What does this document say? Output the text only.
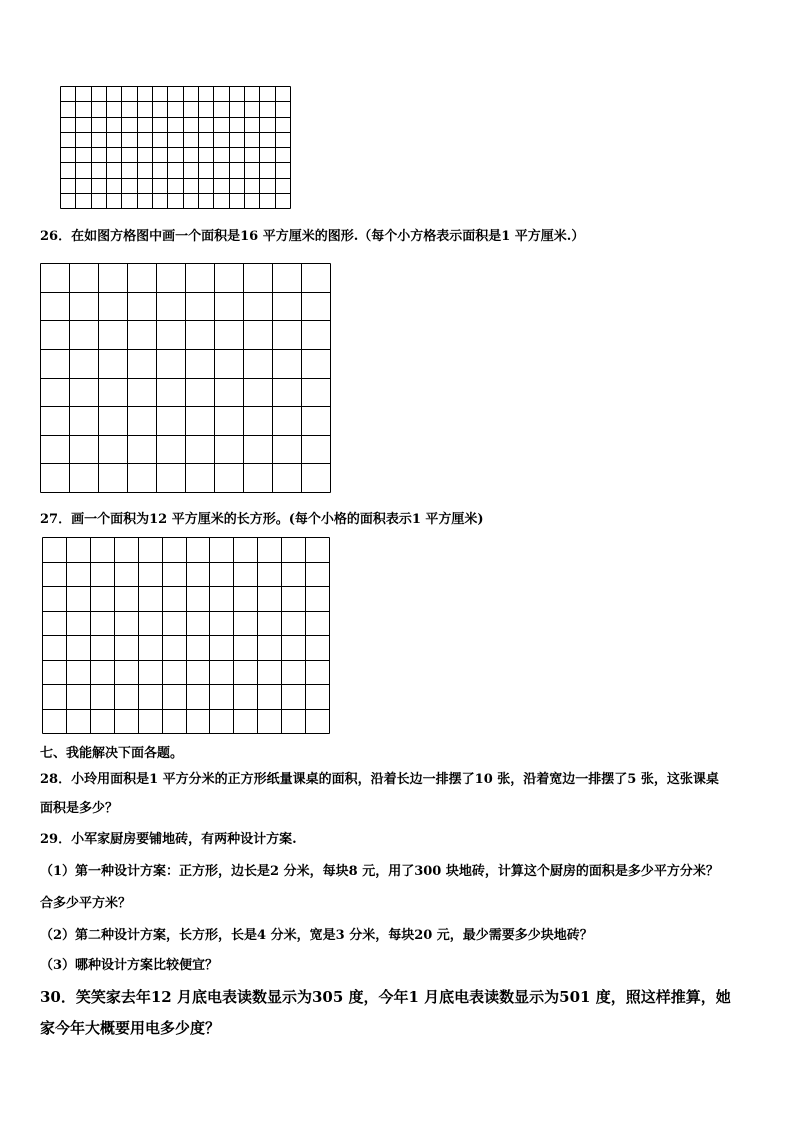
26．在如图方格图中画一个面积是16 平方厘米的图形.（每个小方格表示面积是1 平方厘米.）
27．画一个面积为12 平方厘米的长方形。(每个小格的面积表示1 平方厘米)
七、我能解决下面各题。
28．小玲用面积是1 平方分米的正方形纸量课桌的面积，沿着长边一排摆了10 张，沿着宽边一排摆了5 张，这张课桌
面积是多少？
29．小军家厨房要铺地砖，有两种设计方案.
（1）第一种设计方案：正方形，边长是2 分米，每块8 元，用了300 块地砖，计算这个厨房的面积是多少平方分米？
合多少平方米？
（2）第二种设计方案，长方形，长是4 分米，宽是3 分米，每块20 元，最少需要多少块地砖？
（3）哪种设计方案比较便宜？
30．笑笑家去年12 月底电表读数显示为305 度，今年1 月底电表读数显示为501 度，照这样推算，她
家今年大概要用电多少度？
